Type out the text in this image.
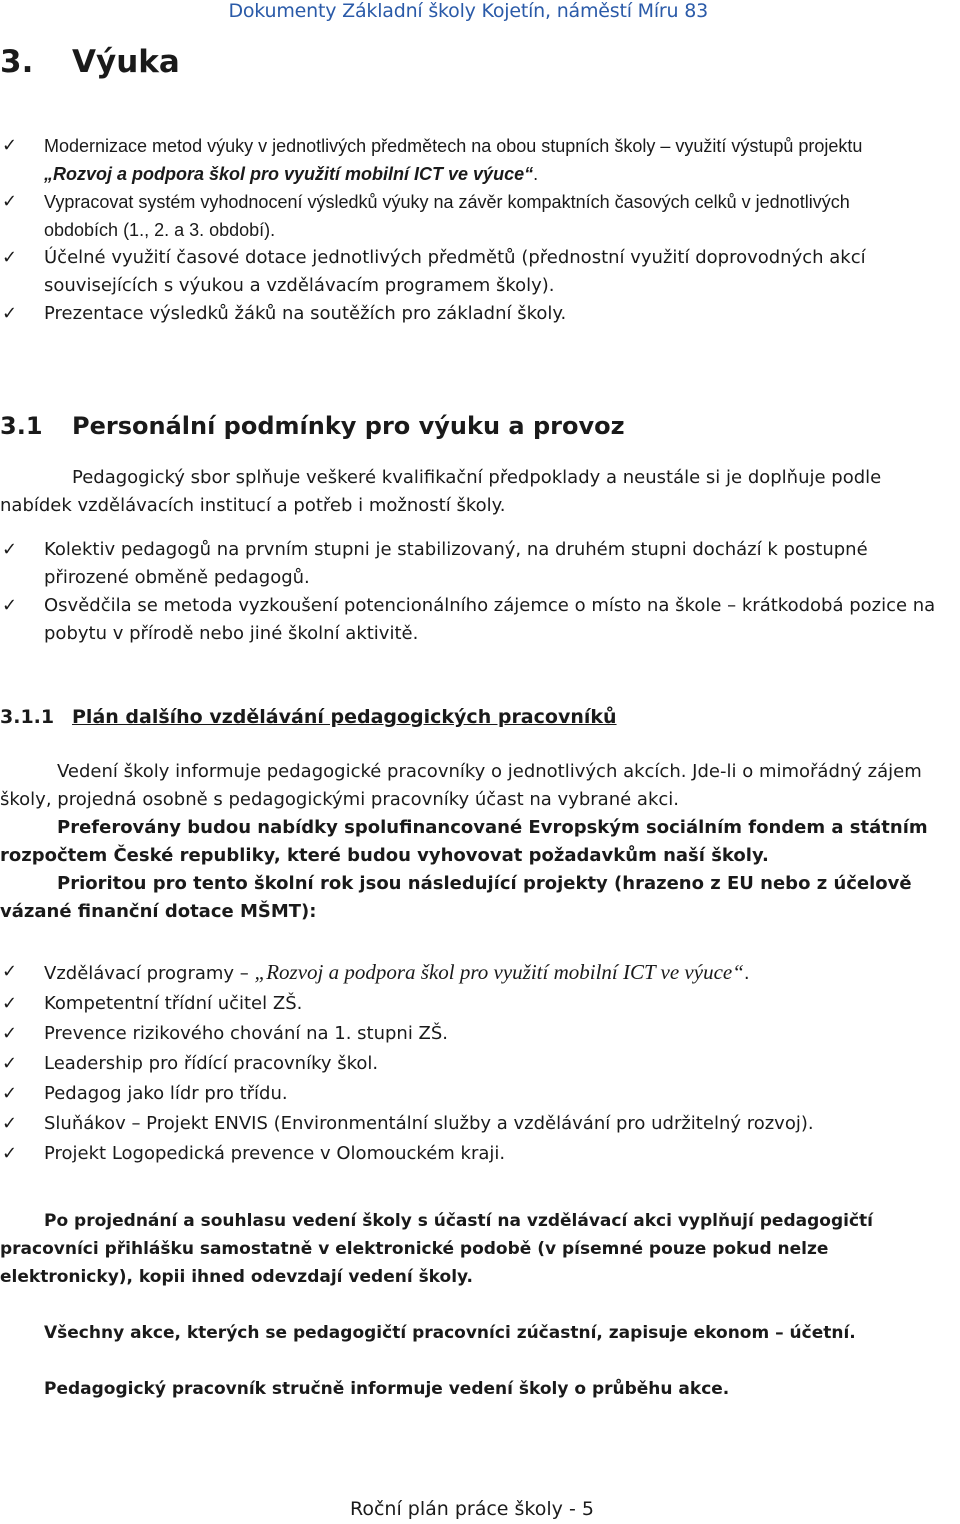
Dokumenty Základní školy Kojetín, náměstí Míru 83
3. Výuka
✓ Modernizace metod výuky v jednotlivých předmětech na obou stupních školy – využití výstupů projektu „Rozvoj a podpora škol pro využití mobilní ICT ve výuce“.
✓ Vypracovat systém vyhodnocení výsledků výuky na závěr kompaktních časových celků v jednotlivých obdobích (1., 2. a 3. období).
✓ Účelné využití časové dotace jednotlivých předmětů (přednostní využití doprovodných akcí souvisejících s výukou a vzdělávacím programem školy).
✓ Prezentace výsledků žáků na soutěžích pro základní školy.
3.1 Personální podmínky pro výuku a provoz
Pedagogický sbor splňuje veškeré kvalifikační předpoklady a neustále si je doplňuje podle nabídek vzdělávacích institucí a potřeb i možností školy.
✓ Kolektiv pedagogů na prvním stupni je stabilizovaný, na druhém stupni dochází k postupné přirozené obměně pedagogů.
✓ Osvědčila se metoda vyzkoušení potencionálního zájemce o místo na škole – krátkodobá pozice na pobytu v přírodě nebo jiné školní aktivitě.
3.1.1 Plán dalšího vzdělávání pedagogických pracovníků
Vedení školy informuje pedagogické pracovníky o jednotlivých akcích. Jde-li o mimořádný zájem školy, projedná osobně s pedagogickými pracovníky účast na vybrané akci.
Preferovány budou nabídky spolufinancované Evropským sociálním fondem a státním rozpočtem České republiky, které budou vyhovovat požadavkům naší školy.
Prioritou pro tento školní rok jsou následující projekty (hrazeno z EU nebo z účelově vázané finanční dotace MŠMT):
✓ Vzdělávací programy – „Rozvoj a podpora škol pro využití mobilní ICT ve výuce“.
✓ Kompetentní třídní učitel ZŠ.
✓ Prevence rizikového chování na 1. stupni ZŠ.
✓ Leadership pro řídící pracovníky škol.
✓ Pedagog jako lídr pro třídu.
✓ Sluňákov – Projekt ENVIS (Environmentální služby a vzdělávání pro udržitelný rozvoj).
✓ Projekt Logopedická prevence v Olomouckém kraji.
Po projednání a souhlasu vedení školy s účastí na vzdělávací akci vyplňují pedagogičtí pracovníci přihlášku samostatně v elektronické podobě (v písemné pouze pokud nelze elektronicky), kopii ihned odevzdají vedení školy.
Všechny akce, kterých se pedagogičtí pracovníci zúčastní, zapisuje ekonom – účetní.
Pedagogický pracovník stručně informuje vedení školy o průběhu akce.
Roční plán práce školy - 5
